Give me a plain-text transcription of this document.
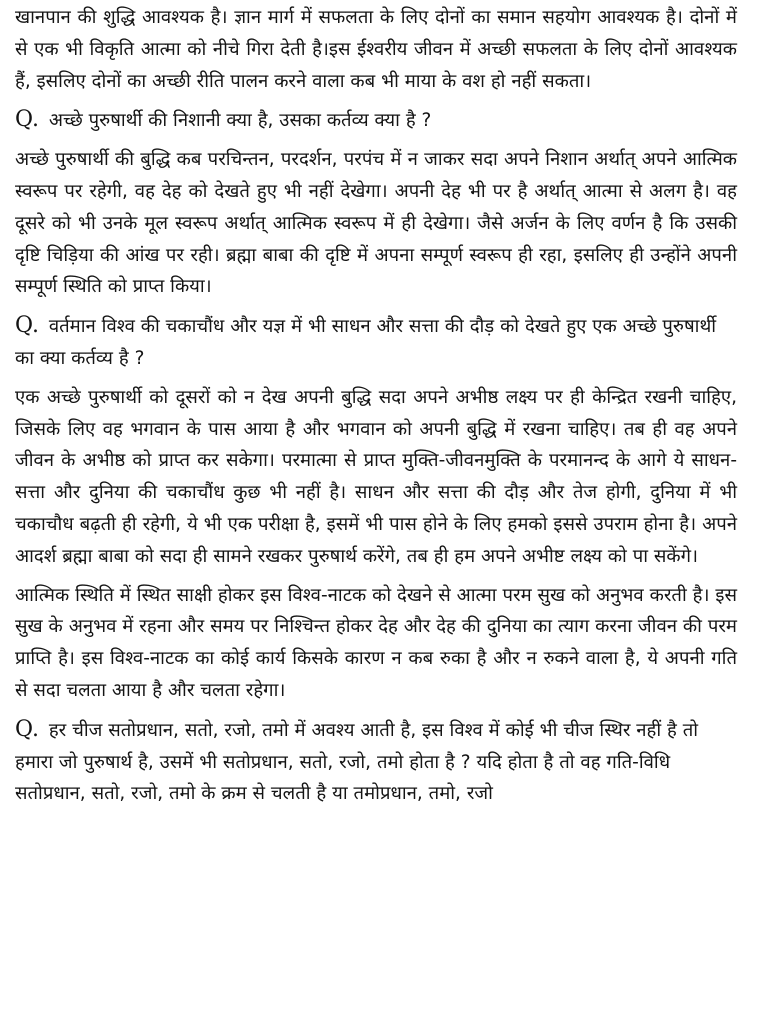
खानपान की शुद्धि आवश्यक है। ज्ञान मार्ग में सफलता के लिए दोनों का समान सहयोग आवश्यक है। दोनों में से एक भी विकृति आत्मा को नीचे गिरा देती है।इस ईश्वरीय जीवन में अच्छी सफलता के लिए दोनों आवश्यक हैं, इसलिए दोनों का अच्छी रीति पालन करने वाला कब भी माया के वश हो नहीं सकता।

Q. अच्छे पुरुषार्थी की निशानी क्या है, उसका कर्तव्य क्या है ?

अच्छे पुरुषार्थी की बुद्धि कब परचिन्तन, परदर्शन, परपंच में न जाकर सदा अपने निशान अर्थात् अपने आत्मिक स्वरूप पर रहेगी, वह देह को देखते हुए भी नहीं देखेगा। अपनी देह भी पर है अर्थात् आत्मा से अलग है। वह दूसरे को भी उनके मूल स्वरूप अर्थात् आत्मिक स्वरूप में ही देखेगा। जैसे अर्जन के लिए वर्णन है कि उसकी दृष्टि चिड़िया की आंख पर रही। ब्रह्मा बाबा की दृष्टि में अपना सम्पूर्ण स्वरूप ही रहा, इसलिए ही उन्होंने अपनी सम्पूर्ण स्थिति को प्राप्त किया।

Q. वर्तमान विश्व की चकाचौंध और यज्ञ में भी साधन और सत्ता की दौड़ को देखते हुए एक अच्छे पुरुषार्थी का क्या कर्तव्य है ?

एक अच्छे पुरुषार्थी को दूसरों को न देख अपनी बुद्धि सदा अपने अभीष्ठ लक्ष्य पर ही केन्द्रित रखनी चाहिए, जिसके लिए वह भगवान के पास आया है और भगवान को अपनी बुद्धि में रखना चाहिए। तब ही वह अपने जीवन के अभीष्ठ को प्राप्त कर सकेगा। परमात्मा से प्राप्त मुक्ति-जीवनमुक्ति के परमानन्द के आगे ये साधन-सत्ता और दुनिया की चकाचौंध कुछ भी नहीं है। साधन और सत्ता की दौड़ और तेज होगी, दुनिया में भी चकाचौध बढ़ती ही रहेगी, ये भी एक परीक्षा है, इसमें भी पास होने के लिए हमको इससे उपराम होना है। अपने आदर्श ब्रह्मा बाबा को सदा ही सामने रखकर पुरुषार्थ करेंगे, तब ही हम अपने अभीष्ट लक्ष्य को पा सकेंगे।

आत्मिक स्थिति में स्थित साक्षी होकर इस विश्व-नाटक को देखने से आत्मा परम सुख को अनुभव करती है। इस सुख के अनुभव में रहना और समय पर निश्चिन्त होकर देह और देह की दुनिया का त्याग करना जीवन की परम प्राप्ति है। इस विश्व-नाटक का कोई कार्य किसके कारण न कब रुका है और न रुकने वाला है, ये अपनी गति से सदा चलता आया है और चलता रहेगा।

Q. हर चीज सतोप्रधान, सतो, रजो, तमो में अवश्य आती है, इस विश्व में कोई भी चीज स्थिर नहीं है तो हमारा जो पुरुषार्थ है, उसमें भी सतोप्रधान, सतो, रजो, तमो होता है ? यदि होता है तो वह गति-विधि सतोप्रधान, सतो, रजो, तमो के क्रम से चलती है या तमोप्रधान, तमो, रजो
